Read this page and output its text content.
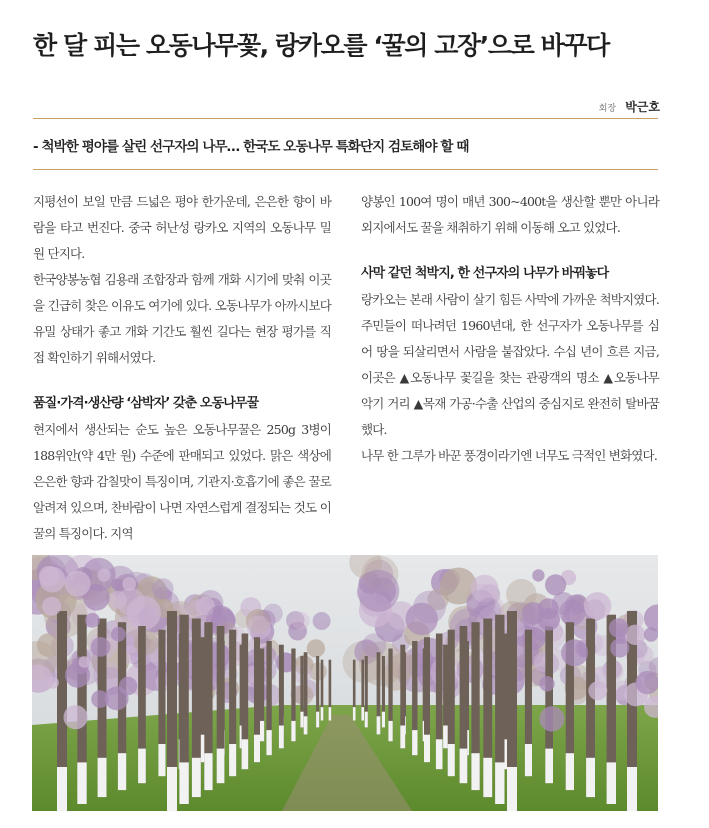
한 달 피는 오동나무꽃, 랑카오를 ‘꿀의 고장’으로 바꾸다
회장 박근호
- 척박한 평야를 살린 선구자의 나무… 한국도 오동나무 특화단지 검토해야 할 때

지평선이 보일 만큼 드넓은 평야 한가운데, 은은한 향이 바람을 타고 번진다. 중국 허난성 랑카오 지역의 오동나무 밀원 단지다.

한국양봉농협 김용래 조합장과 함께 개화 시기에 맞춰 이곳을 긴급히 찾은 이유도 여기에 있다. 오동나무가 아까시보다 유밀 상태가 좋고 개화 기간도 훨씬 길다는 현장 평가를 직접 확인하기 위해서였다.

품질·가격·생산량 ‘삼박자’ 갖춘 오동나무꿀

현지에서 생산되는 순도 높은 오동나무꿀은 250g 3병이 188위안(약 4만 원) 수준에 판매되고 있었다. 맑은 색상에 은은한 향과 감칠맛이 특징이며, 기관지·호흡기에 좋은 꿀로 알려져 있으며, 찬바람이 나면 자연스럽게 결정되는 것도 이 꿀의 특징이다. 지역

양봉인 100여 명이 매년 300~400t을 생산할 뿐만 아니라 외지에서도 꿀을 채취하기 위해 이동해 오고 있었다.

사막 같던 척박지, 한 선구자의 나무가 바꿔놓다

랑카오는 본래 사람이 살기 힘든 사막에 가까운 척박지였다. 주민들이 떠나려던 1960년대, 한 선구자가 오동나무를 심어 땅을 되살리면서 사람을 붙잡았다. 수십 년이 흐른 지금, 이곳은 ▲오동나무 꽃길을 찾는 관광객의 명소 ▲오동나무 악기 거리 ▲목재 가공·수출 산업의 중심지로 완전히 탈바꿈했다.

나무 한 그루가 바꾼 풍경이라기엔 너무도 극적인 변화였다.
